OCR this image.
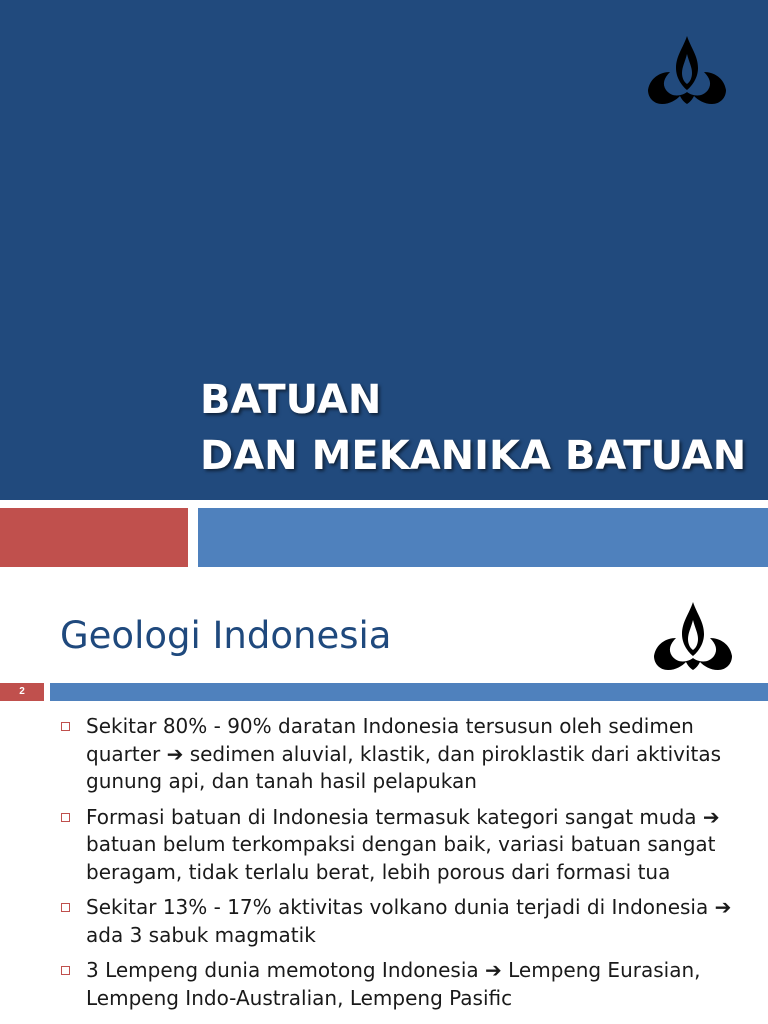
BATUAN
DAN MEKANIKA BATUAN
Geologi Indonesia
2
Sekitar 80% - 90% daratan Indonesia tersusun oleh sedimen quarter ➔ sedimen aluvial, klastik, dan piroklastik dari aktivitas gunung api, dan tanah hasil pelapukan
Formasi batuan di Indonesia termasuk kategori sangat muda ➔ batuan belum terkompaksi dengan baik, variasi batuan sangat beragam, tidak terlalu berat, lebih porous dari formasi tua
Sekitar 13% - 17% aktivitas volkano dunia terjadi di Indonesia ➔ ada 3 sabuk magmatik
3 Lempeng dunia memotong Indonesia ➔ Lempeng Eurasian, Lempeng Indo-Australian, Lempeng Pasific
